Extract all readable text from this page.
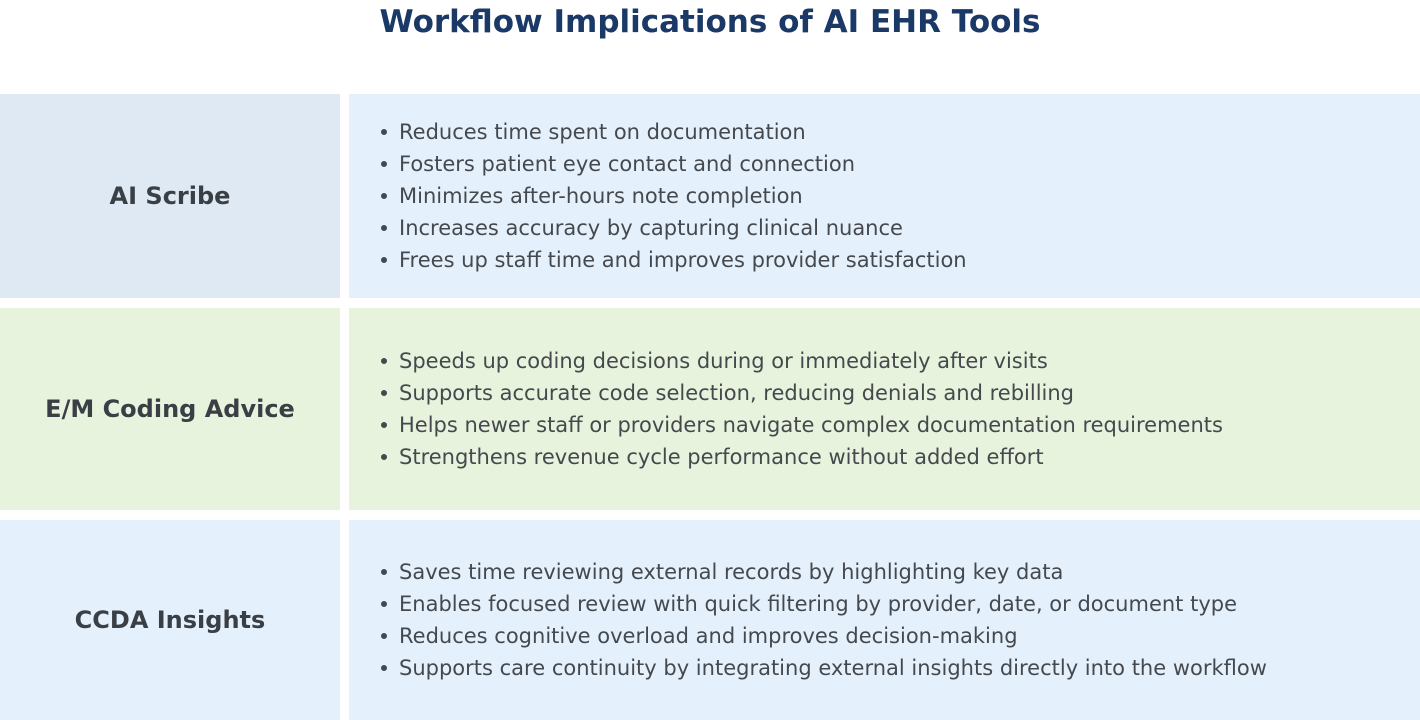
Workflow Implications of AI EHR Tools
AI Scribe
Reduces time spent on documentation
Fosters patient eye contact and connection
Minimizes after-hours note completion
Increases accuracy by capturing clinical nuance
Frees up staff time and improves provider satisfaction
E/M Coding Advice
Speeds up coding decisions during or immediately after visits
Supports accurate code selection, reducing denials and rebilling
Helps newer staff or providers navigate complex documentation requirements
Strengthens revenue cycle performance without added effort
CCDA Insights
Saves time reviewing external records by highlighting key data
Enables focused review with quick filtering by provider, date, or document type
Reduces cognitive overload and improves decision-making
Supports care continuity by integrating external insights directly into the workflow
